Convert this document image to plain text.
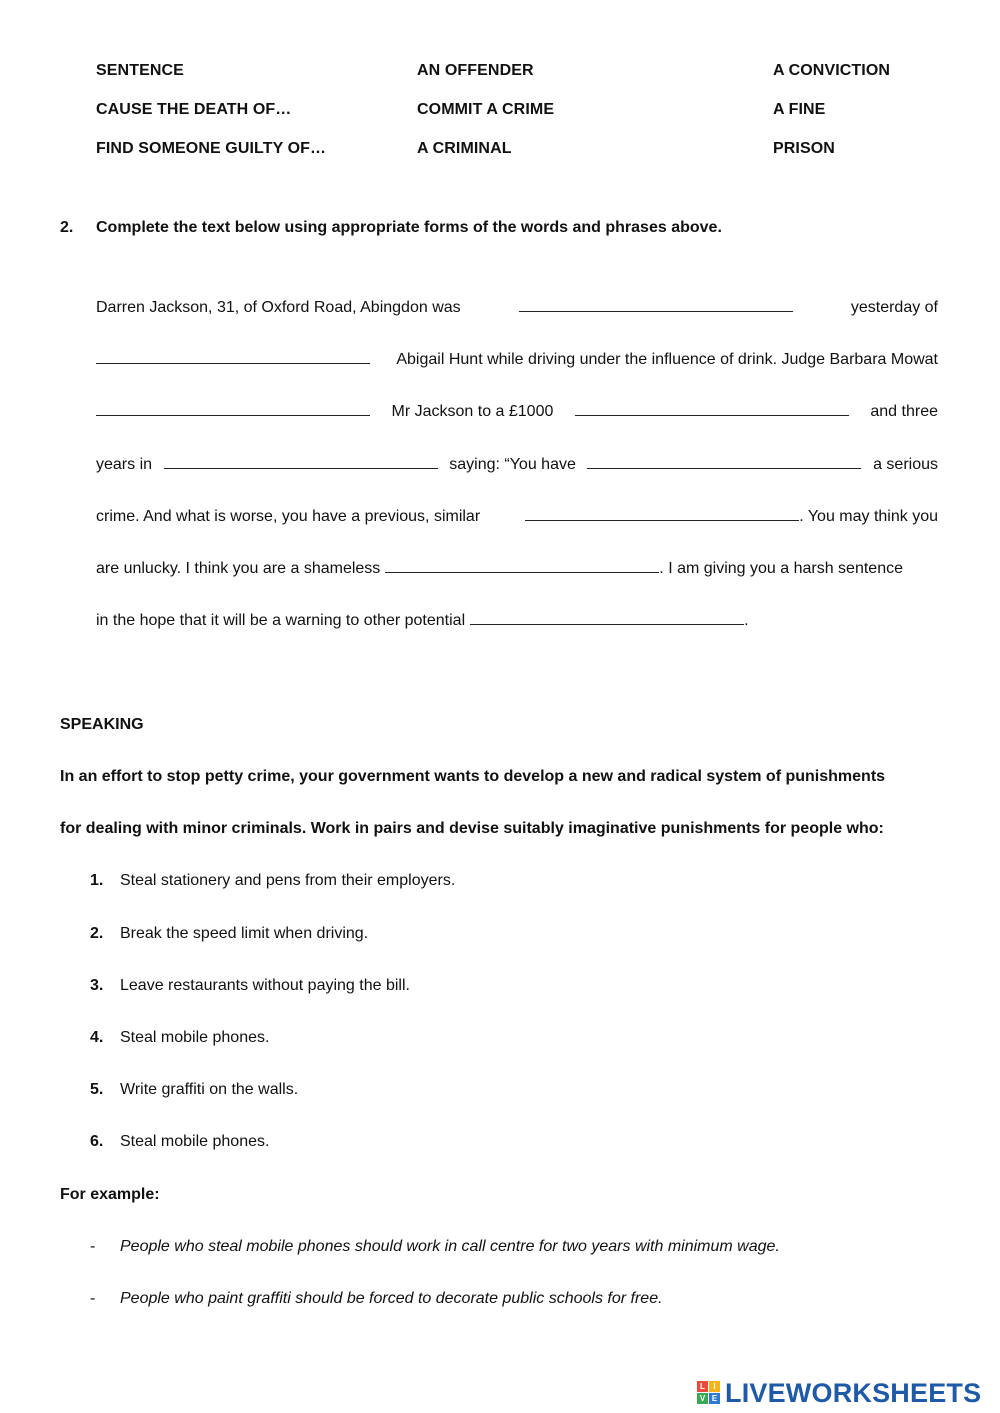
SENTENCE	AN OFFENDER	A CONVICTION
CAUSE THE DEATH OF…	COMMIT A CRIME	A FINE
FIND SOMEONE GUILTY OF…	A CRIMINAL	PRISON
2. Complete the text below using appropriate forms of the words and phrases above.
Darren Jackson, 31, of Oxford Road, Abingdon was	yesterday of
Abigail Hunt while driving under the influence of drink. Judge Barbara Mowat
Mr Jackson to a £1000	and three
years in	saying: “You have	a serious
crime. And what is worse, you have a previous, similar	. You may think you
are unlucky. I think you are a shameless	. I am giving you a harsh sentence
in the hope that it will be a warning to other potential	.
SPEAKING
In an effort to stop petty crime, your government wants to develop a new and radical system of punishments
for dealing with minor criminals. Work in pairs and devise suitably imaginative punishments for people who:
1. Steal stationery and pens from their employers.
2. Break the speed limit when driving.
3. Leave restaurants without paying the bill.
4. Steal mobile phones.
5. Write graffiti on the walls.
6. Steal mobile phones.
For example:
- People who steal mobile phones should work in call centre for two years with minimum wage.
- People who paint graffiti should be forced to decorate public schools for free.
L	I
V E LIVEWORKSHEETS
